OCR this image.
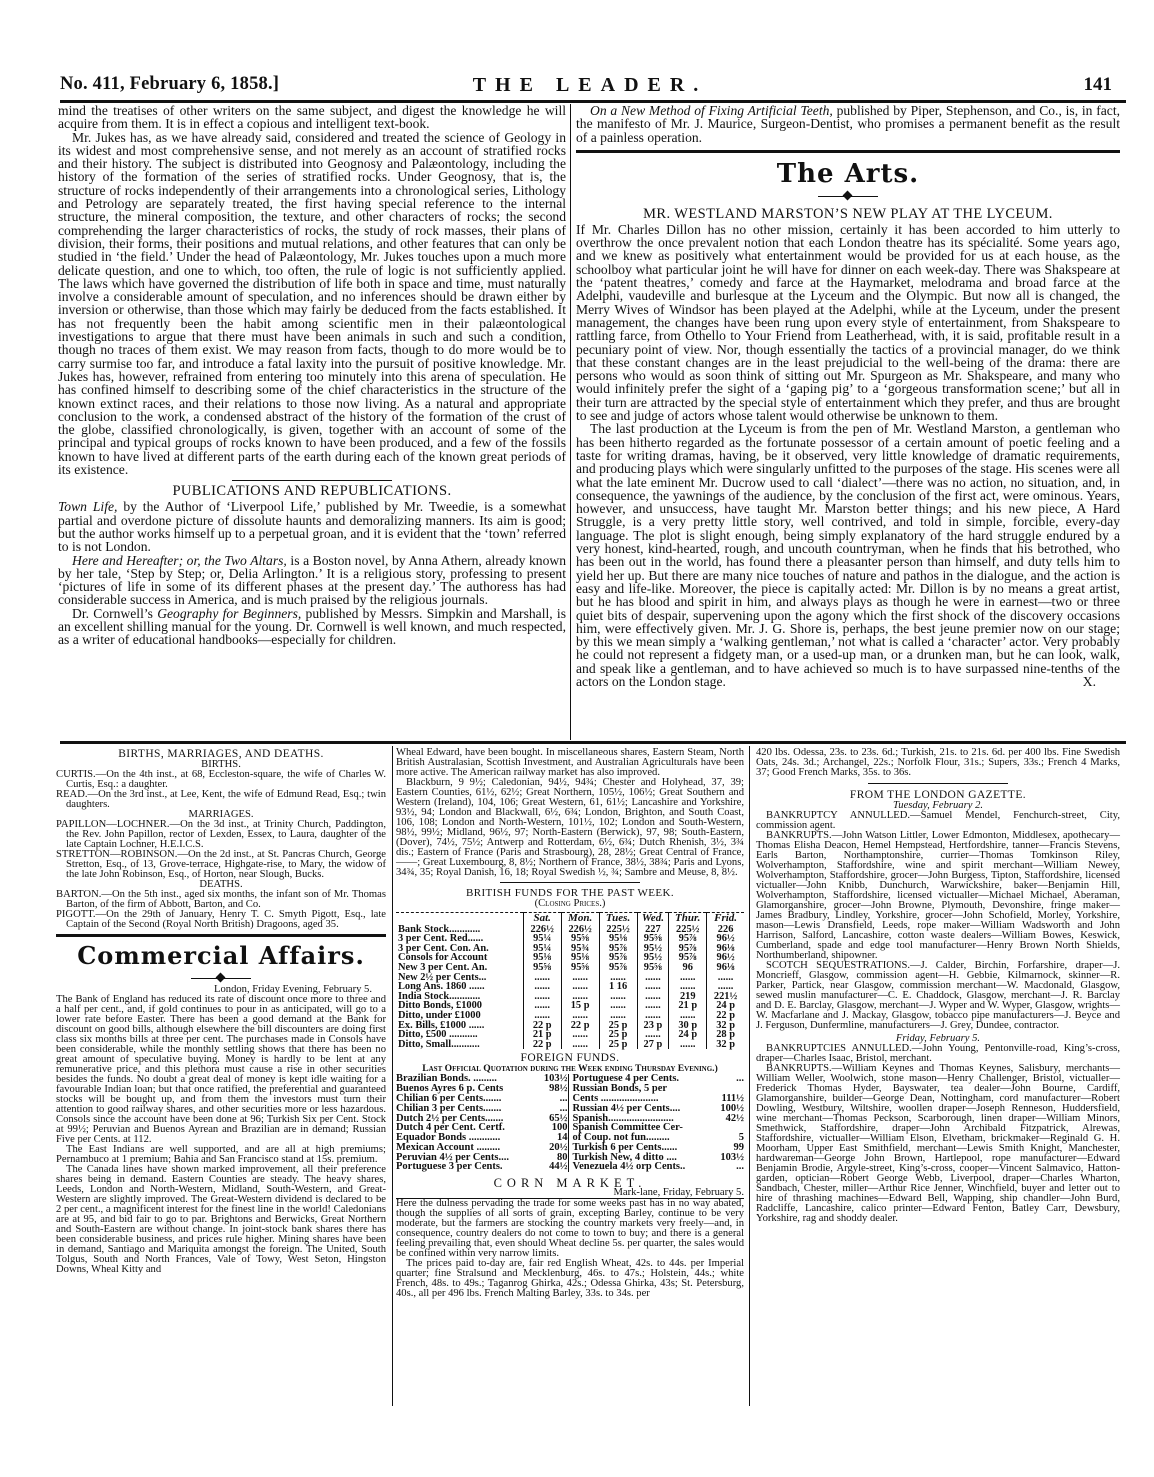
No. 411, February 6, 1858.]	THE LEADER.	141

mind the treatises of other writers on the same subject, and digest the knowledge he will acquire from them. It is in effect a copious and intelligent text-book.

Mr. Jukes has, as we have already said, considered and treated the science of Geology in its widest and most comprehensive sense, and not merely as an account of stratified rocks and their history. The subject is distributed into Geognosy and Palæontology, including the history of the formation of the series of stratified rocks. Under Geognosy, that is, the structure of rocks independently of their arrangements into a chronological series, Lithology and Petrology are separately treated, the first having special reference to the internal structure, the mineral composition, the texture, and other characters of rocks; the second comprehending the larger characteristics of rocks, the study of rock masses, their plans of division, their forms, their positions and mutual relations, and other features that can only be studied in ‘the field.’ Under the head of Palæontology, Mr. Jukes touches upon a much more delicate question, and one to which, too often, the rule of logic is not sufficiently applied. The laws which have governed the distribution of life both in space and time, must naturally involve a considerable amount of speculation, and no inferences should be drawn either by inversion or otherwise, than those which may fairly be deduced from the facts established. It has not frequently been the habit among scientific men in their palæontological investigations to argue that there must have been animals in such and such a condition, though no traces of them exist. We may reason from facts, though to do more would be to carry surmise too far, and introduce a fatal laxity into the pursuit of positive knowledge. Mr. Jukes has, however, refrained from entering too minutely into this arena of speculation. He has confined himself to describing some of the chief characteristics in the structure of the known extinct races, and their relations to those now living. As a natural and appropriate conclusion to the work, a condensed abstract of the history of the formation of the crust of the globe, classified chronologically, is given, together with an account of some of the principal and typical groups of rocks known to have been produced, and a few of the fossils known to have lived at different parts of the earth during each of the known great periods of its existence.

PUBLICATIONS AND REPUBLICATIONS.

Town Life, by the Author of ‘Liverpool Life,’ published by Mr. Tweedie, is a somewhat partial and overdone picture of dissolute haunts and demoralizing manners. Its aim is good; but the author works himself up to a perpetual groan, and it is evident that the ‘town’ referred to is not London.

Here and Hereafter; or, the Two Altars, is a Boston novel, by Anna Athern, already known by her tale, ‘Step by Step; or, Delia Arlington.’ It is a religious story, professing to present ‘pictures of life in some of its different phases at the present day.’ The authoress has had considerable success in America, and is much praised by the religious journals.

Dr. Cornwell’s Geography for Beginners, published by Messrs. Simpkin and Marshall, is an excellent shilling manual for the young. Dr. Cornwell is well known, and much respected, as a writer of educational handbooks—especially for children.

On a New Method of Fixing Artificial Teeth, published by Piper, Stephenson, and Co., is, in fact, the manifesto of Mr. J. Maurice, Surgeon-Dentist, who promises a permanent benefit as the result of a painless operation.

The Arts.
MR. WESTLAND MARSTON’S NEW PLAY AT THE LYCEUM.

If Mr. Charles Dillon has no other mission, certainly it has been accorded to him utterly to overthrow the once prevalent notion that each London theatre has its spécialité. Some years ago, and we knew as positively what entertainment would be provided for us at each house, as the schoolboy what particular joint he will have for dinner on each week-day. There was Shakspeare at the ‘patent theatres,’ comedy and farce at the Haymarket, melodrama and broad farce at the Adelphi, vaudeville and burlesque at the Lyceum and the Olympic. But now all is changed, the Merry Wives of Windsor has been played at the Adelphi, while at the Lyceum, under the present management, the changes have been rung upon every style of entertainment, from Shakspeare to rattling farce, from Othello to Your Friend from Leatherhead, with, it is said, profitable result in a pecuniary point of view. Nor, though essentially the tactics of a provincial manager, do we think that these constant changes are in the least prejudicial to the well-being of the drama: there are persons who would as soon think of sitting out Mr. Spurgeon as Mr. Shakspeare, and many who would infinitely prefer the sight of a ‘gaping pig’ to a ‘gorgeous transformation scene;’ but all in their turn are attracted by the special style of entertainment which they prefer, and thus are brought to see and judge of actors whose talent would otherwise be unknown to them.

The last production at the Lyceum is from the pen of Mr. Westland Marston, a gentleman who has been hitherto regarded as the fortunate possessor of a certain amount of poetic feeling and a taste for writing dramas, having, be it observed, very little knowledge of dramatic requirements, and producing plays which were singularly unfitted to the purposes of the stage. His scenes were all what the late eminent Mr. Ducrow used to call ‘dialect’—there was no action, no situation, and, in consequence, the yawnings of the audience, by the conclusion of the first act, were ominous. Years, however, and unsuccess, have taught Mr. Marston better things; and his new piece, A Hard Struggle, is a very pretty little story, well contrived, and told in simple, forcible, every-day language. The plot is slight enough, being simply explanatory of the hard struggle endured by a very honest, kind-hearted, rough, and uncouth countryman, when he finds that his betrothed, who has been out in the world, has found there a pleasanter person than himself, and duty tells him to yield her up. But there are many nice touches of nature and pathos in the dialogue, and the action is easy and life-like. Moreover, the piece is capitally acted: Mr. Dillon is by no means a great artist, but he has blood and spirit in him, and always plays as though he were in earnest—two or three quiet bits of despair, supervening upon the agony which the first shock of the discovery occasions him, were effectively given. Mr. J. G. Shore is, perhaps, the best jeune premier now on our stage; by this we mean simply a ‘walking gentleman,’ not what is called a ‘character’ actor. Very probably he could not represent a fidgety man, or a used-up man, or a drunken man, but he can look, walk, and speak like a gentleman, and to have achieved so much is to have surpassed nine-tenths of the actors on the London stage.	X.
BIRTHS, MARRIAGES, AND DEATHS.
BIRTHS.

CURTIS.—On the 4th inst., at 68, Eccleston-square, the wife of Charles W. Curtis, Esq.: a daughter.

READ.—On the 3rd inst., at Lee, Kent, the wife of Edmund Read, Esq.; twin daughters.

MARRIAGES.

PAPILLON—LOCHNER.—On the 3d inst., at Trinity Church, Paddington, the Rev. John Papillon, rector of Lexden, Essex, to Laura, daughter of the late Captain Lochner, H.E.I.C.S.

STRETTON—ROBINSON.—On the 2d inst., at St. Pancras Church, George Stretton, Esq., of 13, Grove-terrace, Highgate-rise, to Mary, the widow of the late John Robinson, Esq., of Horton, near Slough, Bucks.

DEATHS.

BARTON.—On the 5th inst., aged six months, the infant son of Mr. Thomas Barton, of the firm of Abbott, Barton, and Co.

PIGOTT.—On the 29th of January, Henry T. C. Smyth Pigott, Esq., late Captain of the Second (Royal North British) Dragoons, aged 35.

Commercial Affairs.
London, Friday Evening, February 5.

The Bank of England has reduced its rate of discount once more to three and a half per cent., and, if gold continues to pour in as anticipated, will go to a lower rate before Easter. There has been a good demand at the Bank for discount on good bills, although elsewhere the bill discounters are doing first class six months bills at three per cent. The purchases made in Consols have been considerable, while the monthly settling shows that there has been no great amount of speculative buying. Money is hardly to be lent at any remunerative price, and this plethora must cause a rise in other securities besides the funds. No doubt a great deal of money is kept idle waiting for a favourable Indian loan; but that once ratified, the preferential and guaranteed stocks will be bought up, and from them the investors must turn their attention to good railway shares, and other securities more or less hazardous. Consols since the account have been done at 96; Turkish Six per Cent. Stock at 99½; Peruvian and Buenos Ayrean and Brazilian are in demand; Russian Five per Cents. at 112.

The East Indians are well supported, and are all at high premiums; Pernambuco at 1 premium; Bahia and San Francisco stand at 15s. premium.

The Canada lines have shown marked improvement, all their preference shares being in demand. Eastern Counties are steady. The heavy shares, Leeds, London and North-Western, Midland, South-Western, and Great-Western are slightly improved. The Great-Western dividend is declared to be 2 per cent., a magnificent interest for the finest line in the world! Caledonians are at 95, and bid fair to go to par. Brightons and Berwicks, Great Northern and South-Eastern are without change. In joint-stock bank shares there has been considerable business, and prices rule higher. Mining shares have been in demand, Santiago and Mariquita amongst the foreign. The United, South Tolgus, South and North Frances, Vale of Towy, West Seton, Hingston Downs, Wheal Kitty and

Wheal Edward, have been bought. In miscellaneous shares, Eastern Steam, North British Australasian, Scottish Investment, and Australian Agriculturals have been more active. The American railway market has also improved.

Blackburn, 9 9½; Caledonian, 94½, 94¾; Chester and Holyhead, 37, 39; Eastern Counties, 61½, 62½; Great Northern, 105½, 106½; Great Southern and Western (Ireland), 104, 106; Great Western, 61, 61½; Lancashire and Yorkshire, 93½, 94; London and Blackwall, 6½, 6¾; London, Brighton, and South Coast, 106, 108; London and North-Western, 101½, 102; London and South-Western, 98½, 99½; Midland, 96½, 97; North-Eastern (Berwick), 97, 98; South-Eastern, (Dover), 74½, 75½; Antwerp and Rotterdam, 6½, 6¾; Dutch Rhenish, 3½, 3¾ dis.; Eastern of France (Paris and Strasbourg), 28, 28½; Great Central of France, ——; Great Luxembourg, 8, 8½; Northern of France, 38½, 38¾; Paris and Lyons, 34¾, 35; Royal Danish, 16, 18; Royal Swedish ½, ¾; Sambre and Meuse, 8, 8½.

BRITISH FUNDS FOR THE PAST WEEK.
(Closing Prices.)
	Sat.	Mon.	Tues.	Wed.	Thur.	Frid.
Bank Stock............	226½	226½	225½	227	225½	226
3 per Cent. Red......	95¼	95⅝	95⅛	95⅝	95⅞	96½
3 per Cent. Con. An.	95¼	95¾	95⅞	95½	95⅞	96⅛
Consols for Account	95⅛	95⅛	95⅞	95½	95⅞	96½
New 3 per Cent. An.	95⅝	95⅝	95⅞	95⅝	96	96⅛
New 2½ per Cents...	......	......	......	......	......	......
Long Ans. 1860 ......	......	......	1 16	......	......	......
India Stock............	......	......	......	......	219	221½
Ditto Bonds, £1000	......	15 p	......	......	21 p	24 p
Ditto, under £1000	......	......	......	......	......	22 p
Ex. Bills, £1000 ......	22 p	22 p	25 p	23 p	30 p	32 p
Ditto, £500 ...........	21 p	......	25 p	......	24 p	28 p
Ditto, Small...........	22 p	......	25 p	27 p	......	32 p
FOREIGN FUNDS.
Last Official Quotation during the Week ending Thursday Evening.)
Brazilian Bonds. .........	103½
Buenos Ayres 6 p. Cents	98½
Chilian 6 per Cents.......	...
Chilian 3 per Cents.......	...
Dutch 2½ per Cents.......	65½
Dutch 4 per Cent. Certf.	100
Equador Bonds ............	14
Mexican Account .........	20½
Peruvian 4½ per Cents....	80
Portuguese 3 per Cents.	44½
Portuguese 4 per Cents.	...
Russian Bonds, 5 per
Cents ......................	111½
Russian 4½ per Cents....	100½
Spanish.........................	42½
Spanish Committee Cer-
of Coup. not fun.........	5
Turkish 6 per Cents......	99
Turkish New, 4 ditto ....	103½
Venezuela 4½ orp Cents..	...
CORN MARKET.
Mark-lane, Friday, February 5.

Here the dulness pervading the trade for some weeks past has in no way abated, though the supplies of all sorts of grain, excepting Barley, continue to be very moderate, but the farmers are stocking the country markets very freely—and, in consequence, country dealers do not come to town to buy; and there is a general feeling prevailing that, even should Wheat decline 5s. per quarter, the sales would be confined within very narrow limits.

The prices paid to-day are, fair red English Wheat, 42s. to 44s. per Imperial quarter; fine Stralsund and Mecklenburg, 46s. to 47s.; Holstein, 44s.; white French, 48s. to 49s.; Taganrog Ghirka, 42s.; Odessa Ghirka, 43s; St. Petersburg, 40s., all per 496 lbs. French Malting Barley, 33s. to 34s. per

420 lbs. Odessa, 23s. to 23s. 6d.; Turkish, 21s. to 21s. 6d. per 400 lbs. Fine Swedish Oats, 24s. 3d.; Archangel, 22s.; Norfolk Flour, 31s.; Supers, 33s.; French 4 Marks, 37; Good French Marks, 35s. to 36s.

FROM THE LONDON GAZETTE.
Tuesday, February 2.

BANKRUPTCY ANNULLED.—Samuel Mendel, Fenchurch-street, City, commission agent.

BANKRUPTS.—John Watson Littler, Lower Edmonton, Middlesex, apothecary—Thomas Elisha Deacon, Hemel Hempstead, Hertfordshire, tanner—Francis Stevens, Earls Barton, Northamptonshire, currier—Thomas Tomkinson Riley, Wolverhampton, Staffordshire, wine and spirit merchant—William Newey, Wolverhampton, Staffordshire, grocer—John Burgess, Tipton, Staffordshire, licensed victualler—John Knibb, Dunchurch, Warwickshire, baker—Benjamin Hill, Wolverhampton, Staffordshire, licensed victualler—Michael Michael, Aberaman, Glamorganshire, grocer—John Browne, Plymouth, Devonshire, fringe maker—James Bradbury, Lindley, Yorkshire, grocer—John Schofield, Morley, Yorkshire, mason—Lewis Dransfield, Leeds, rope maker—William Wadsworth and John Harrison, Salford, Lancashire, cotton waste dealers—William Bowes, Keswick, Cumberland, spade and edge tool manufacturer—Henry Brown North Shields, Northumberland, shipowner.

SCOTCH SEQUESTRATIONS.—J. Calder, Birchin, Forfarshire, draper—J. Moncrieff, Glasgow, commission agent—H. Gebbie, Kilmarnock, skinner—R. Parker, Partick, near Glasgow, commission merchant—W. Macdonald, Glasgow, sewed muslin manufacturer—C. E. Chaddock, Glasgow, merchant—J. R. Barclay and D. E. Barclay, Glasgow, merchant—J. Wyper and W. Wyper, Glasgow, wrights—W. Macfarlane and J. Mackay, Glasgow, tobacco pipe manufacturers—J. Beyce and J. Ferguson, Dunfermline, manufacturers—J. Grey, Dundee, contractor.

Friday, February 5.

BANKRUPTCIES ANNULLED.—John Young, Pentonville-road, King’s-cross, draper—Charles Isaac, Bristol, merchant.

BANKRUPTS.—William Keynes and Thomas Keynes, Salisbury, merchants—William Weller, Woolwich, stone mason—Henry Challenger, Bristol, victualler—Frederick Thomas Hyder, Bayswater, tea dealer—John Bourne, Cardiff, Glamorganshire, builder—George Dean, Nottingham, cord manufacturer—Robert Dowling, Westbury, Wiltshire, woollen draper—Joseph Renneson, Huddersfield, wine merchant—Thomas Peckson, Scarborough, linen draper—William Minors, Smethwick, Staffordshire, draper—John Archibald Fitzpatrick, Alrewas, Staffordshire, victualler—William Elson, Elvetham, brickmaker—Reginald G. H. Moorham, Upper East Smithfield, merchant—Lewis Smith Knight, Manchester, hardwareman—George John Brown, Hartlepool, rope manufacturer—Edward Benjamin Brodie, Argyle-street, King’s-cross, cooper—Vincent Salmavico, Hatton-garden, optician—Robert George Webb, Liverpool, draper—Charles Wharton, Sandbach, Chester, miller—Arthur Rice Jenner, Winchfield, buyer and letter out to hire of thrashing machines—Edward Bell, Wapping, ship chandler—John Burd, Radcliffe, Lancashire, calico printer—Edward Fenton, Batley Carr, Dewsbury, Yorkshire, rag and shoddy dealer.
